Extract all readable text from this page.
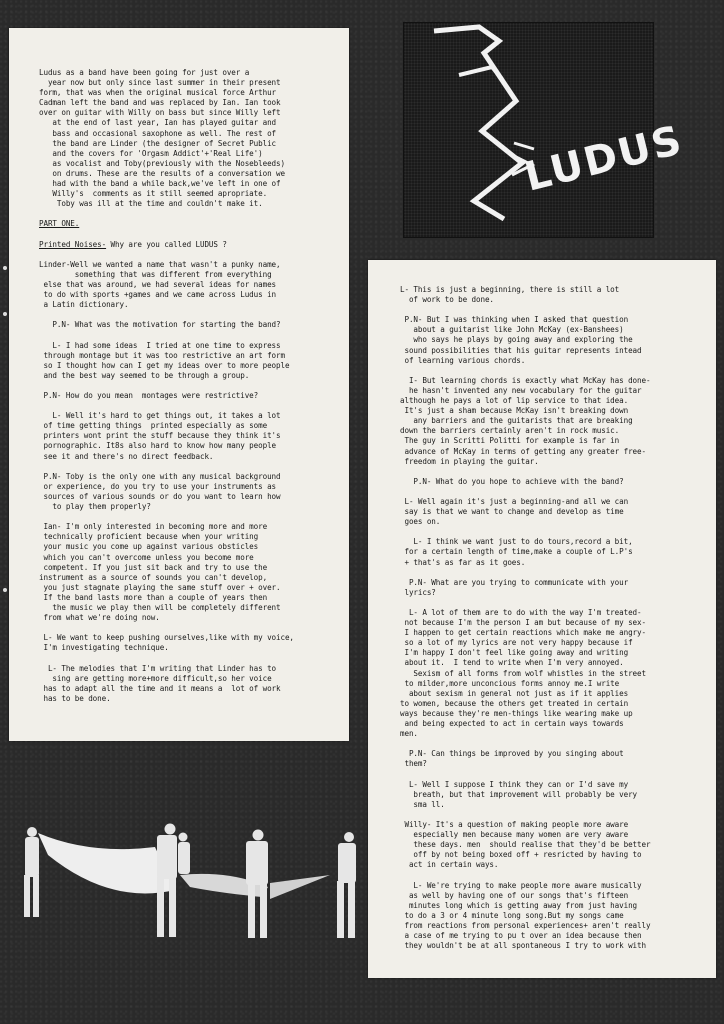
Ludus as a band have been going for just over a
year now but only since last summer in their present
form, that was when the original musical force Arthur
Cadman left the band and was replaced by Ian. Ian took
over on guitar with Willy on bass but since Willy left
at the end of last year, Ian has played guitar and
bass and occasional saxophone as well. The rest of
the band are Linder (the designer of Secret Public
and the covers for 'Orgasm Addict'+'Real Life')
as vocalist and Toby(previously with the Nosebleeds)
on drums. These are the results of a conversation we
had with the band a while back,we've left in one of
Willy's  comments as it still seemed apropriate.
Toby was ill at the time and couldn't make it.

PART ONE.

Printed Noises- Why are you called LUDUS ?

Linder-Well we wanted a name that wasn't a punky name,
something that was different from everything
else that was around, we had several ideas for names
to do with sports +games and we came across Ludus in
a Latin dictionary.

P.N- What was the motivation for starting the band?

L- I had some ideas  I tried at one time to express
through montage but it was too restrictive an art form
so I thought how can I get my ideas over to more people
and the best way seemed to be through a group.

P.N- How do you mean  montages were restrictive?

L- Well it's hard to get things out, it takes a lot
of time getting things  printed especially as some
printers wont print the stuff because they think it's
pornographic. It8s also hard to know how many people
see it and there's no direct feedback.

P.N- Toby is the only one with any musical background
or experience, do you try to use your instruments as
sources of various sounds or do you want to learn how
to play them properly?

Ian- I'm only interested in becoming more and more
technically proficient because when your writing
your music you come up against various obsticles
which you can't overcome unless you become more
competent. If you just sit back and try to use the
instrument as a source of sounds you can't develop,
you just stagnate playing the same stuff over + over.
If the band lasts more than a couple of years then
the music we play then will be completely different
from what we're doing now.

L- We want to keep pushing ourselves,like with my voice,
I'm investigating technique.

L- The melodies that I'm writing that Linder has to
sing are getting more+more difficult,so her voice
has to adapt all the time and it means a  lot of work
has to be done.
LUDUS
L- This is just a beginning, there is still a lot
of work to be done.

P.N- But I was thinking when I asked that question
about a guitarist like John McKay (ex-Banshees)
who says he plays by going away and exploring the
sound possibilities that his guitar represents intead
of learning various chords.

I- But learning chords is exactly what McKay has done-
he hasn't invented any new vocabulary for the guitar
although he pays a lot of lip service to that idea.
It's just a sham because McKay isn't breaking down
any barriers and the guitarists that are breaking
down the barriers certainly aren't in rock music.
The guy in Scritti Politti for example is far in
advance of McKay in terms of getting any greater free-
freedom in playing the guitar.

P.N- What do you hope to achieve with the band?

L- Well again it's just a beginning-and all we can
say is that we want to change and develop as time
goes on.

L- I think we want just to do tours,record a bit,
for a certain length of time,make a couple of L.P's
+ that's as far as it goes.

P.N- What are you trying to communicate with your
lyrics?

L- A lot of them are to do with the way I'm treated-
not because I'm the person I am but because of my sex-
I happen to get certain reactions which make me angry-
so a lot of my lyrics are not very happy because if
I'm happy I don't feel like going away and writing
about it.  I tend to write when I'm very annoyed.
Sexism of all forms from wolf whistles in the street
to milder,more unconcious forms annoy me.I write
about sexism in general not just as if it applies
to women, because the others get treated in certain
ways because they're men-things like wearing make up
and being expected to act in certain ways towards
men.

P.N- Can things be improved by you singing about
them?

L- Well I suppose I think they can or I'd save my
breath, but that improvement will probably be very
sma ll.

Willy- It's a question of making people more aware
especially men because many women are very aware
these days. men  should realise that they'd be better
off by not being boxed off + resricted by having to
act in certain ways.

L- We're trying to make people more aware musically
as well by having one of our songs that's fifteen
minutes long which is getting away from just having
to do a 3 or 4 minute long song.But my songs came
from reactions from personal experiences+ aren't really
a case of me trying to pu t over an idea because then
they wouldn't be at all spontaneous I try to work with
